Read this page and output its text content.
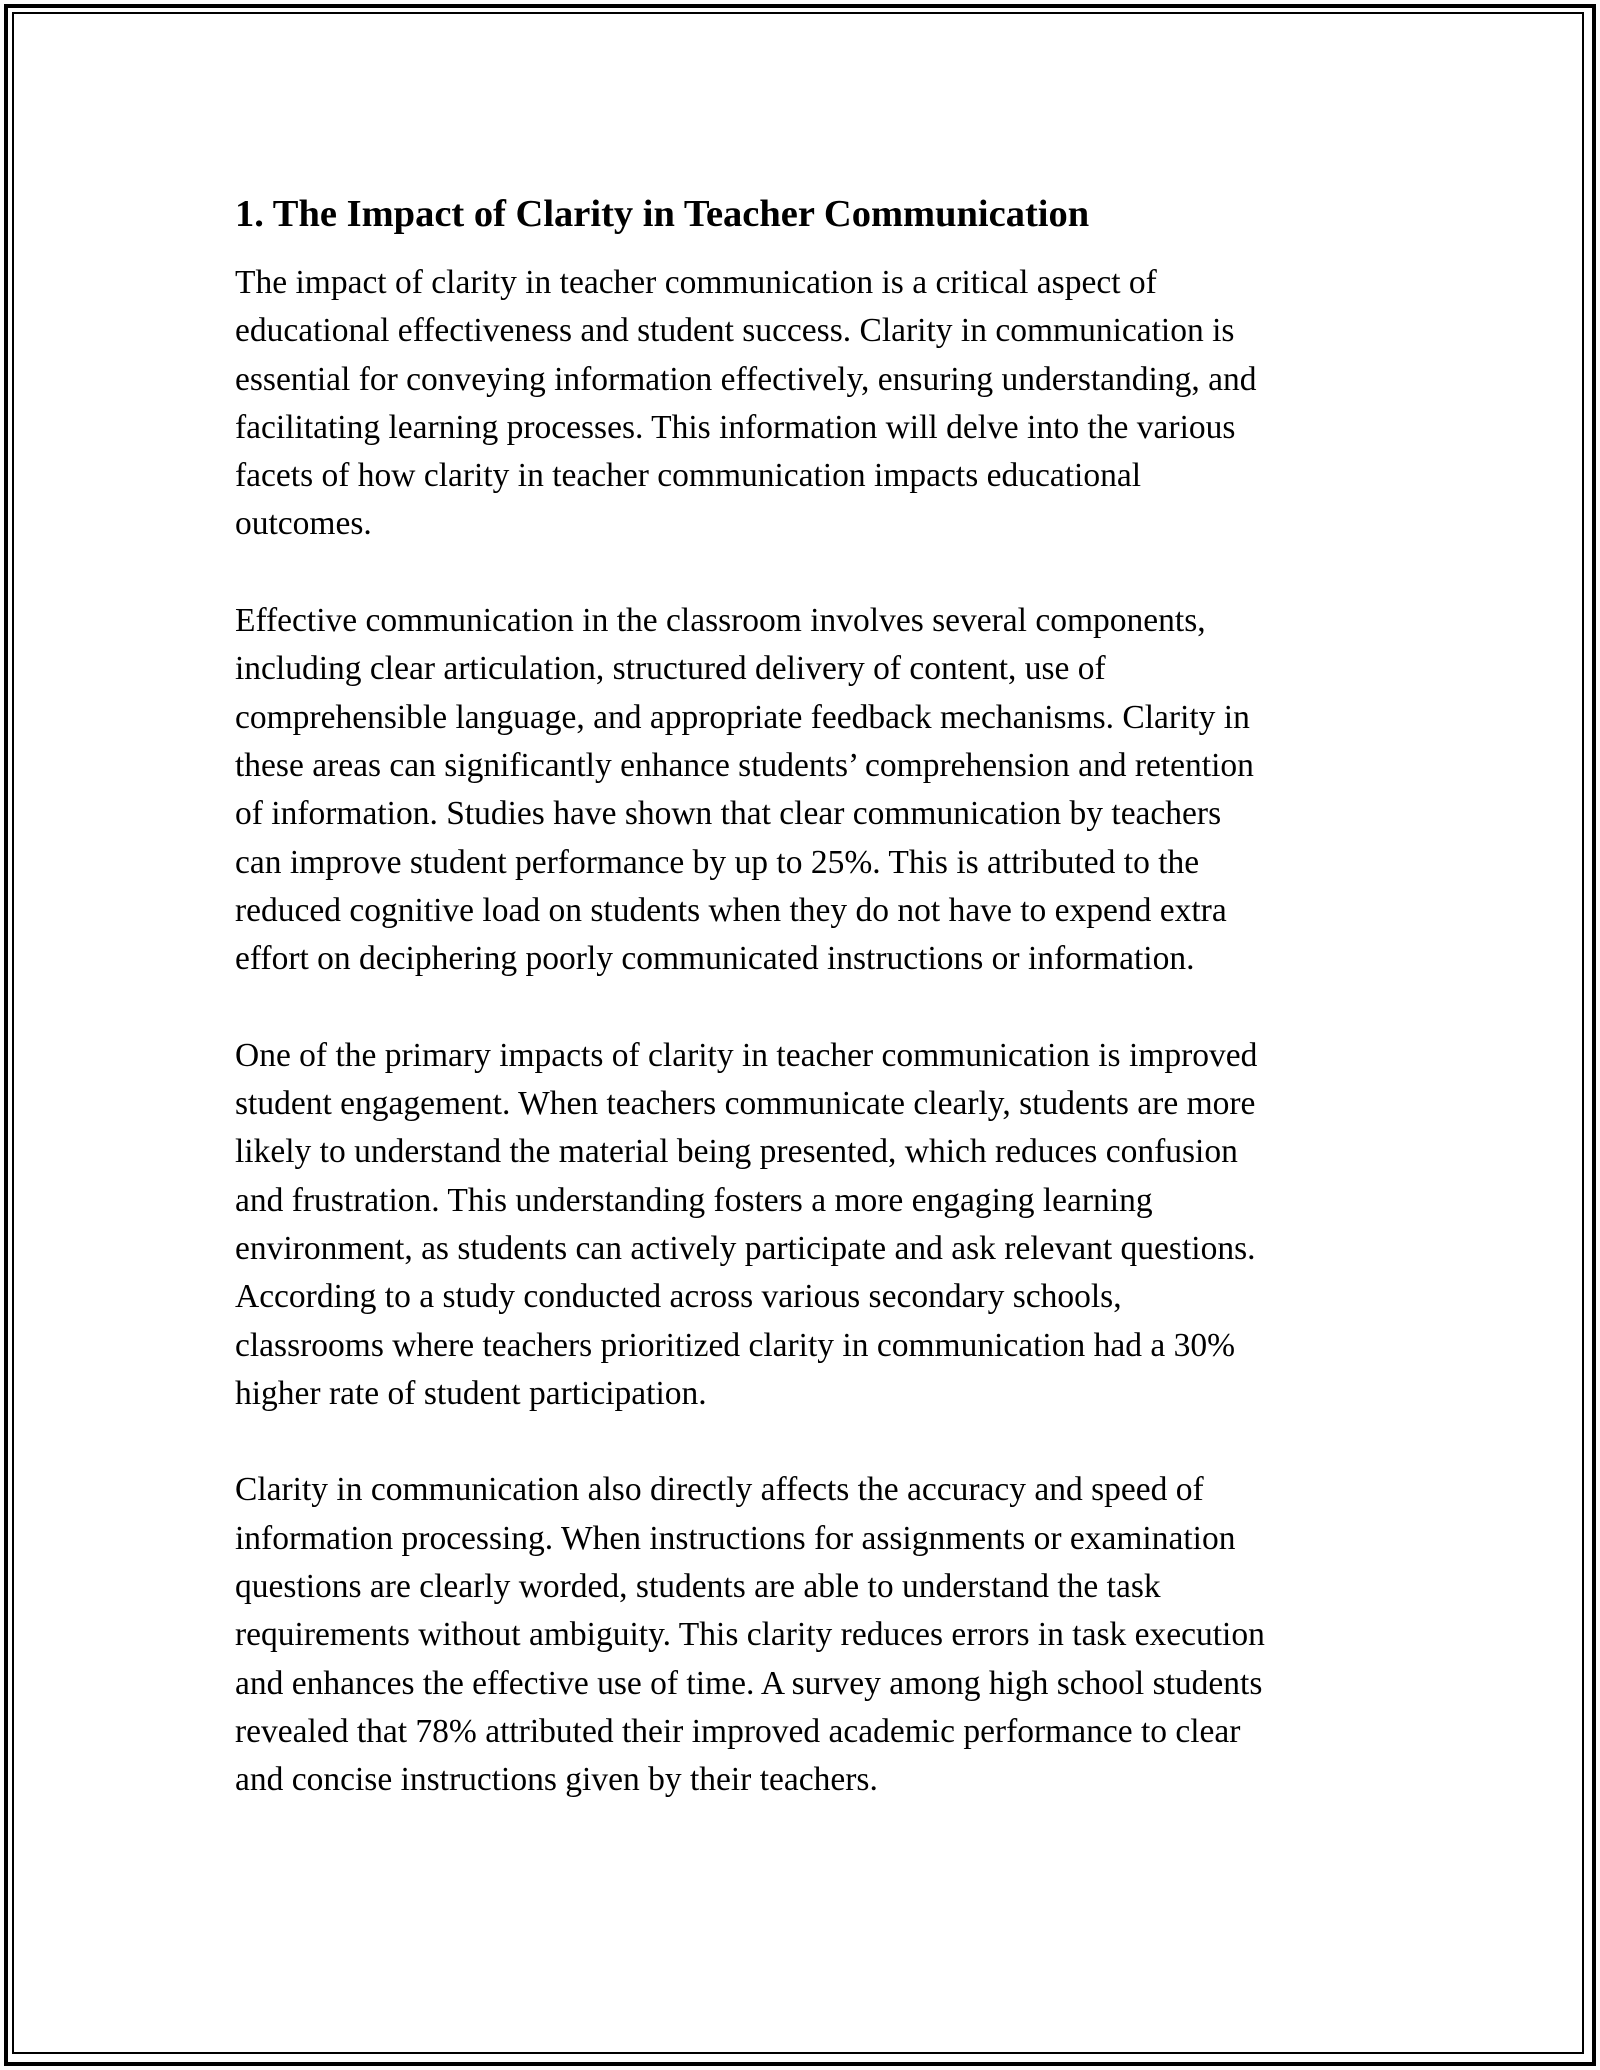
1. The Impact of Clarity in Teacher Communication

The impact of clarity in teacher communication is a critical aspect of
educational effectiveness and student success. Clarity in communication is
essential for conveying information effectively, ensuring understanding, and
facilitating learning processes. This information will delve into the various
facets of how clarity in teacher communication impacts educational
outcomes.

Effective communication in the classroom involves several components,
including clear articulation, structured delivery of content, use of
comprehensible language, and appropriate feedback mechanisms. Clarity in
these areas can significantly enhance students’ comprehension and retention
of information. Studies have shown that clear communication by teachers
can improve student performance by up to 25%. This is attributed to the
reduced cognitive load on students when they do not have to expend extra
effort on deciphering poorly communicated instructions or information.

One of the primary impacts of clarity in teacher communication is improved
student engagement. When teachers communicate clearly, students are more
likely to understand the material being presented, which reduces confusion
and frustration. This understanding fosters a more engaging learning
environment, as students can actively participate and ask relevant questions.
According to a study conducted across various secondary schools,
classrooms where teachers prioritized clarity in communication had a 30%
higher rate of student participation.

Clarity in communication also directly affects the accuracy and speed of
information processing. When instructions for assignments or examination
questions are clearly worded, students are able to understand the task
requirements without ambiguity. This clarity reduces errors in task execution
and enhances the effective use of time. A survey among high school students
revealed that 78% attributed their improved academic performance to clear
and concise instructions given by their teachers.
